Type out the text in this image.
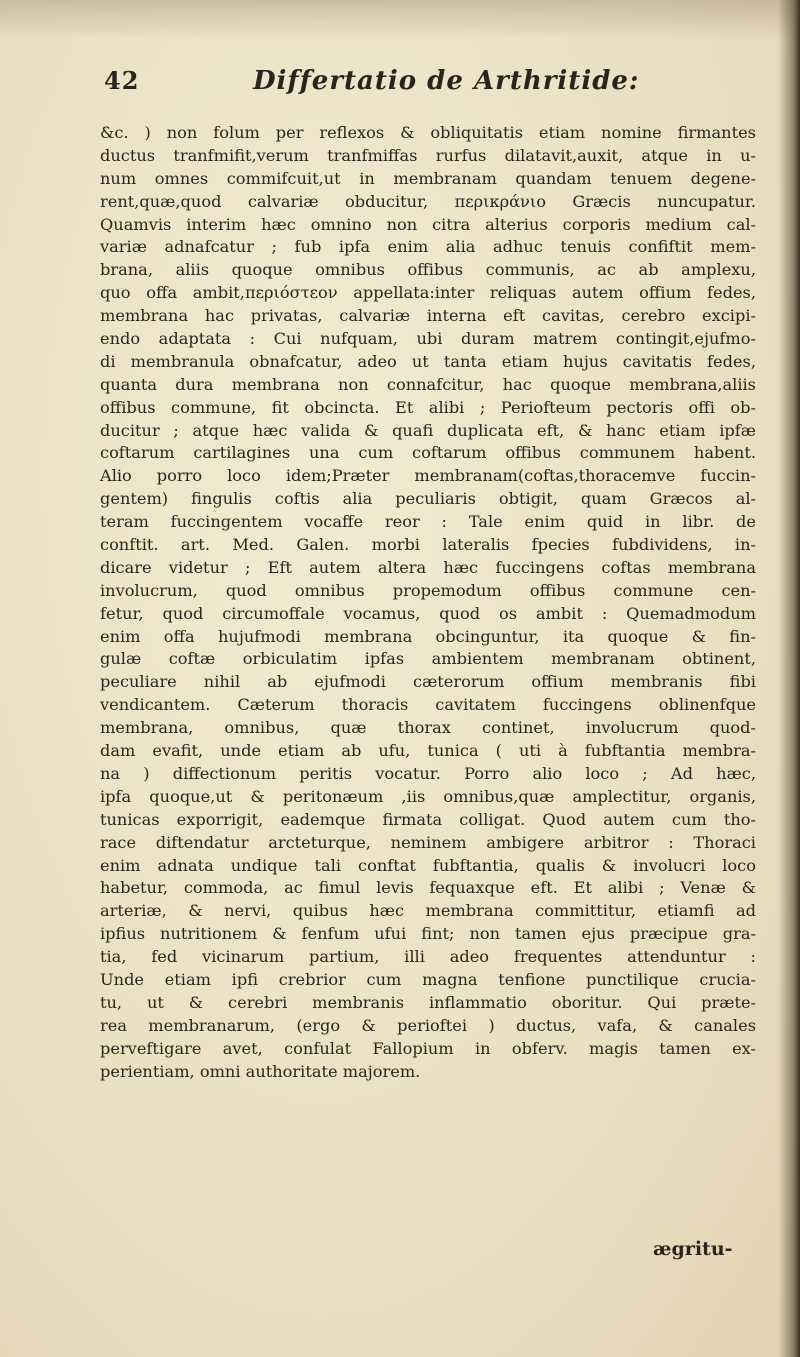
42	Differtatio de Arthritide:
&c. ) non folum per reflexos & obliquitatis etiam nomine firmantes
ductus tranfmifit,verum tranfmiffas rurfus dilatavit,auxit, atque in u-
num omnes commifcuit,ut in membranam quandam tenuem degene-
rent,quæ,quod calvariæ obducitur, περικράνιο Græcis nuncupatur.
Quamvis interim hæc omnino non citra alterius corporis medium cal-
variæ adnafcatur ; fub ipfa enim alia adhuc tenuis confiftit mem-
brana, aliis quoque omnibus offibus communis, ac ab amplexu,
quo offa ambit,περιόστεον appellata:inter reliquas autem offium fedes,
membrana hac privatas, calvariæ interna eft cavitas, cerebro excipi-
endo adaptata : Cui nufquam, ubi duram matrem contingit,ejufmo-
di membranula obnafcatur, adeo ut tanta etiam hujus cavitatis fedes,
quanta dura membrana non connafcitur, hac quoque membrana,aliis
offibus commune, fit obcincta. Et alibi ; Periofteum pectoris offi ob-
ducitur ; atque hæc valida & quafi duplicata eft, & hanc etiam ipfæ
coftarum cartilagines una cum coftarum offibus communem habent.
Alio porro loco idem;Præter membranam(coftas,thoracemve fuccin-
gentem) fingulis coftis alia peculiaris obtigit, quam Græcos al-
teram fuccingentem vocaffe reor : Tale enim quid in libr. de
conftit. art. Med. Galen. morbi lateralis fpecies fubdividens, in-
dicare videtur ; Eft autem altera hæc fuccingens coftas membrana
involucrum, quod omnibus propemodum offibus commune cen-
fetur, quod circumoffale vocamus, quod os ambit : Quemadmodum
enim offa hujufmodi membrana obcinguntur, ita quoque & fin-
gulæ coftæ orbiculatim ipfas ambientem membranam obtinent,
peculiare nihil ab ejufmodi cæterorum offium membranis fibi
vendicantem. Cæterum thoracis cavitatem fuccingens oblinenfque
membrana, omnibus, quæ thorax continet, involucrum quod-
dam evafit, unde etiam ab ufu, tunica ( uti à fubftantia membra-
na ) diffectionum peritis vocatur. Porro alio loco ; Ad hæc,
ipfa quoque,ut & peritonæum ,iis omnibus,quæ amplectitur, organis,
tunicas exporrigit, eademque firmata colligat. Quod autem cum tho-
race diftendatur arcteturque, neminem ambigere arbitror : Thoraci
enim adnata undique tali conftat fubftantia, qualis & involucri loco
habetur, commoda, ac fimul levis fequaxque eft. Et alibi ; Venæ &
arteriæ, & nervi, quibus hæc membrana committitur, etiamfi ad
ipfius nutritionem & fenfum ufui fint; non tamen ejus præcipue gra-
tia, fed vicinarum partium, illi adeo frequentes attenduntur :
Unde etiam ipfi crebrior cum magna tenfione punctilique crucia-
tu, ut & cerebri membranis inflammatio oboritur. Qui præte-
rea membranarum, (ergo & perioftei ) ductus, vafa, & canales
perveftigare avet, confulat Fallopium in obferv. magis tamen ex-
perientiam, omni authoritate majorem.
ægritu-
